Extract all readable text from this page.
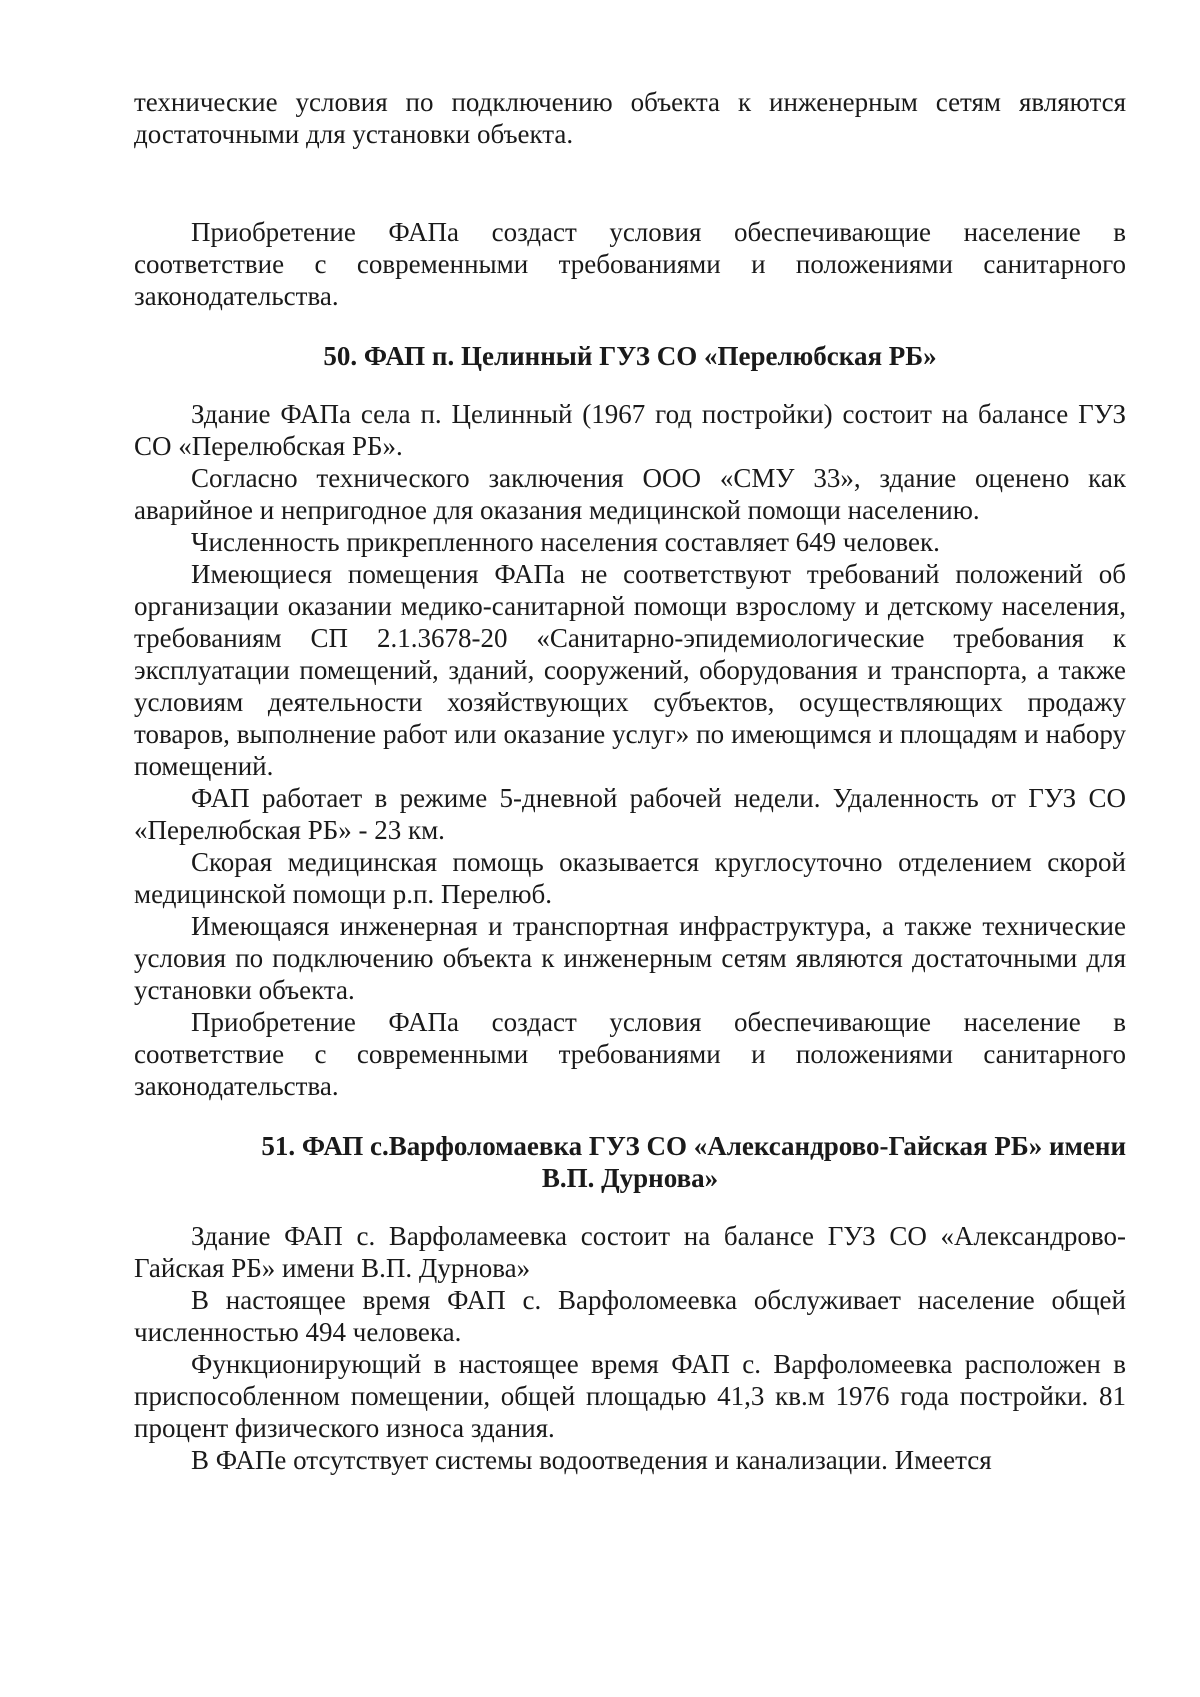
технические условия по подключению объекта к инженерным сетям являются достаточными для установки объекта.

Приобретение ФАПа создаст условия обеспечивающие население в соответствие с современными требованиями и положениями санитарного законодательства.

50. ФАП п. Целинный ГУЗ СО «Перелюбская РБ»

Здание ФАПа села п. Целинный (1967 год постройки) состоит на балансе ГУЗ СО «Перелюбская РБ».

Согласно технического заключения ООО «СМУ 33», здание оценено как аварийное и непригодное для оказания медицинской помощи населению.

Численность прикрепленного населения составляет 649 человек.

Имеющиеся помещения ФАПа не соответствуют требований положений об организации оказании медико-санитарной помощи взрослому и детскому населения, требованиям СП 2.1.3678-20 «Санитарно-эпидемиологические требования к эксплуатации помещений, зданий, сооружений, оборудования и транспорта, а также условиям деятельности хозяйствующих субъектов, осуществляющих продажу товаров, выполнение работ или оказание услуг» по имеющимся и площадям и набору помещений.

ФАП работает в режиме 5-дневной рабочей недели. Удаленность от ГУЗ СО «Перелюбская РБ» - 23 км.

Скорая медицинская помощь оказывается круглосуточно отделением скорой медицинской помощи р.п. Перелюб.

Имеющаяся инженерная и транспортная инфраструктура, а также технические условия по подключению объекта к инженерным сетям являются достаточными для установки объекта.

Приобретение ФАПа создаст условия обеспечивающие население в соответствие с современными требованиями и положениями санитарного законодательства.

51. ФАП с.Варфоломаевка ГУЗ СО «Александрово-Гайская РБ» имени
В.П. Дурнова»

Здание ФАП с. Варфоламеевка состоит на балансе ГУЗ СО «Александрово-Гайская РБ» имени В.П. Дурнова»

В настоящее время ФАП с. Варфоломеевка обслуживает население общей численностью 494 человека.

Функционирующий в настоящее время ФАП с. Варфоломеевка расположен в приспособленном помещении, общей площадью 41,3 кв.м 1976 года постройки. 81 процент физического износа здания.

В ФАПе отсутствует системы водоотведения и канализации. Имеется
